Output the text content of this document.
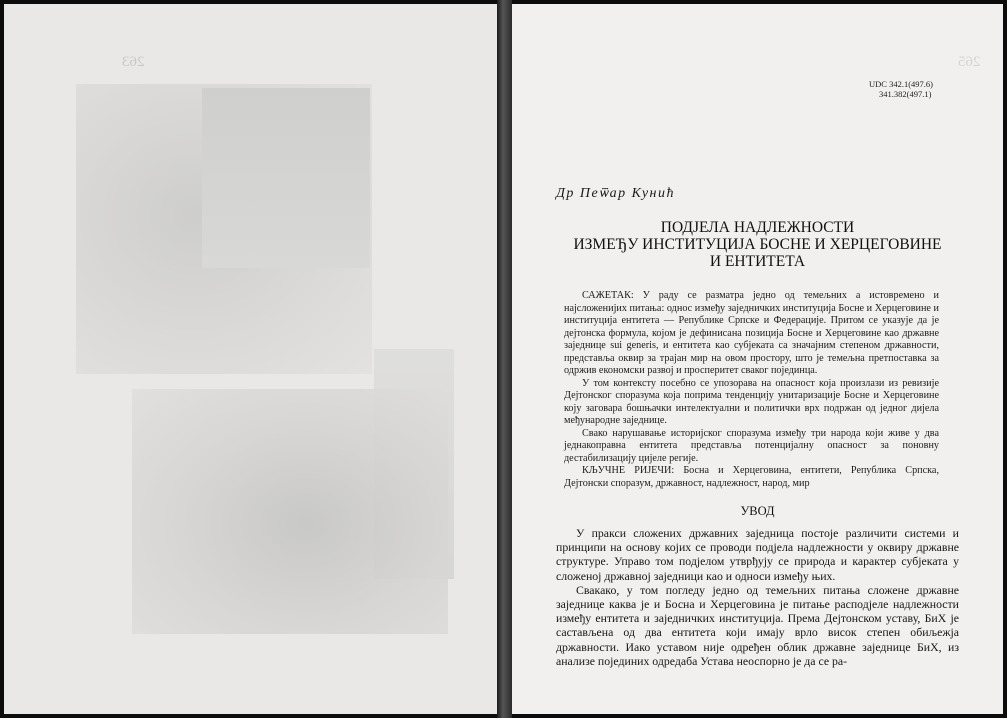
263	265
UDC 342.1(497.6)
341.382(497.1)
Др Пеѿар Кунић
ПОДЈЕЛА НАДЛЕЖНОСТИ
ИЗМЕЂУ ИНСТИТУЦИЈА БОСНЕ И ХЕРЦЕГОВИНЕ
И ЕНТИТЕТА

САЖЕТАК: У раду се разматра једно од темељних а истовремено и најсложенијих питања: однос између заједничких институција Босне и Херцеговине и институција ентитета — Републике Српске и Федерације. Притом се указује да је дејтонска формула, којом је дефинисана позиција Босне и Херцеговине као државне заједнице sui generis, и ентитета као субјеката са значајним степеном државности, представља оквир за трајан мир на овом простору, што је темељна претпоставка за одржив економски развој и просперитет сваког појединца.

У том контексту посебно се упозорава на опасност која произлази из ревизије Дејтонског споразума која поприма тенденцију унитаризације Босне и Херцеговине коју заговара бошњачки интелектуални и политички врх подржан од једног дијела међународне заједнице.

Свако нарушавање историјског споразума између три народа који живе у два једнакоправна ентитета представља потенцијалну опасност за поновну дестабилизацију цијеле регије.

КЉУЧНЕ РИЈЕЧИ: Босна и Херцеговина, ентитети, Република Српска, Дејтонски споразум, државност, надлежност, народ, мир

УВОД

У пракси сложених државних заједница постоје различити системи и принципи на основу којих се проводи подјела надлежности у оквиру државне структуре. Управо том подјелом утврђују се природа и карактер субјеката у сложеној државној заједници као и односи између њих.

Свакако, у том погледу једно од темељних питања сложене државне заједнице каква је и Босна и Херцеговина је питање расподјеле надлежности између ентитета и заједничких институција. Према Дејтонском уставу, БиХ је састављена од два ентитета који имају врло висок степен обиљежја државности. Иако уставом није одређен облик државне заједнице БиХ, из анализе појединих одредаба Устава неоспорно је да се ра-
